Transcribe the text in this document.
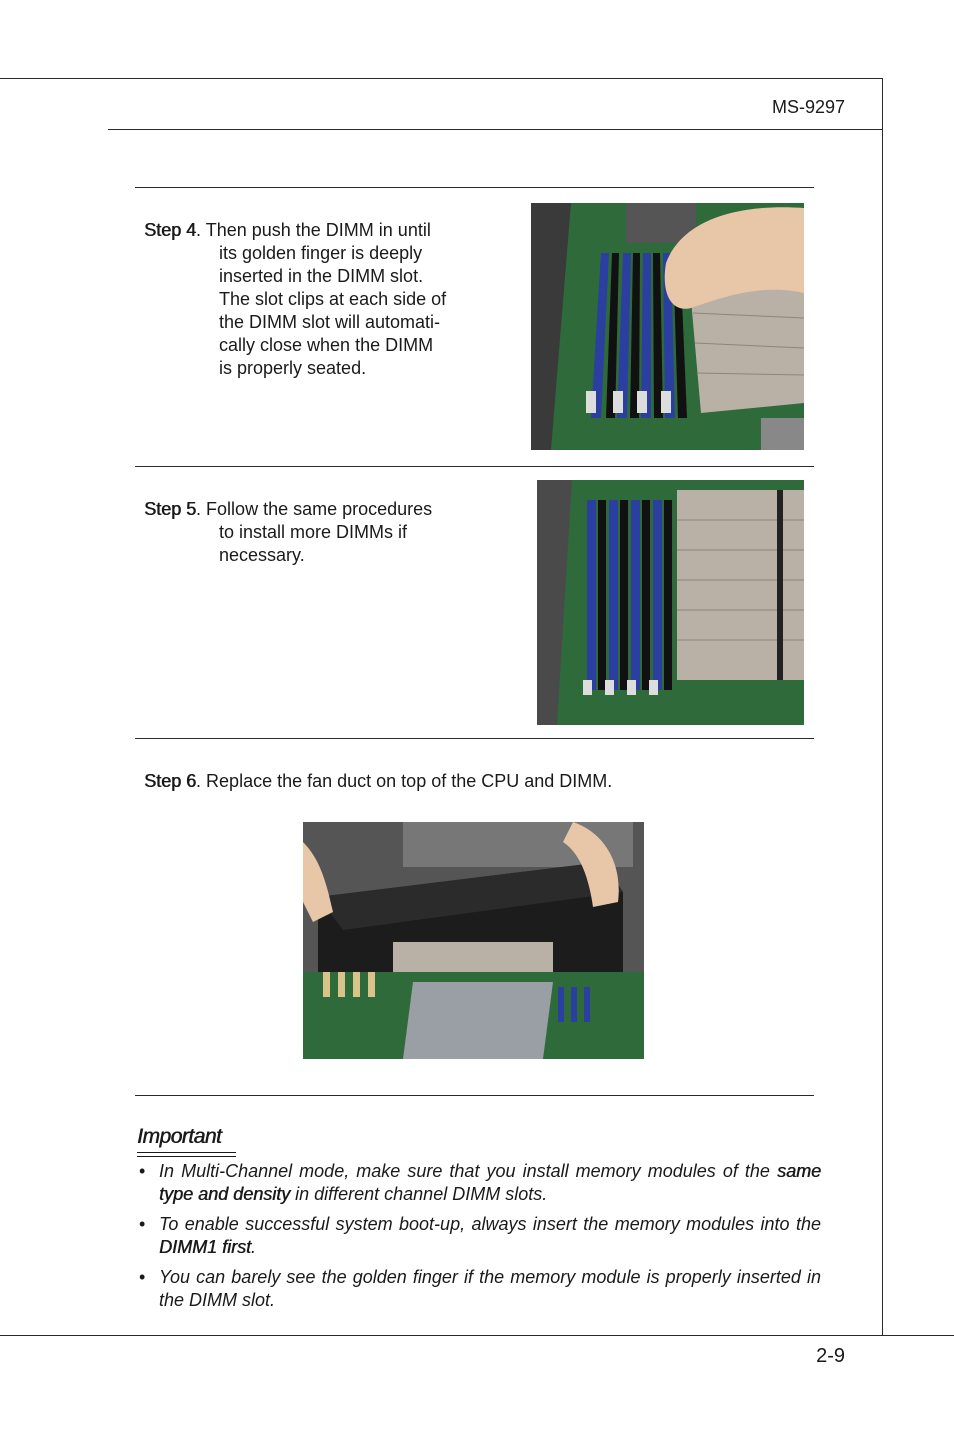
MS-9297
Step 4. Then push the DIMM in until
its golden finger is deeply
inserted in the DIMM slot.
The slot clips at each side of
the DIMM slot will automati-
cally close when the DIMM
is properly seated.
Step 5. Follow the same procedures
to install more DIMMs if
necessary.
Step 6. Replace the fan duct on top of the CPU and DIMM.
Important
• In Multi-Channel mode, make sure that you install memory modules of the same type and density in different channel DIMM slots.
• To enable successful system boot-up, always insert the memory modules into the DIMM1 first.
• You can barely see the golden finger if the memory module is properly inserted in the DIMM slot.
2-9
